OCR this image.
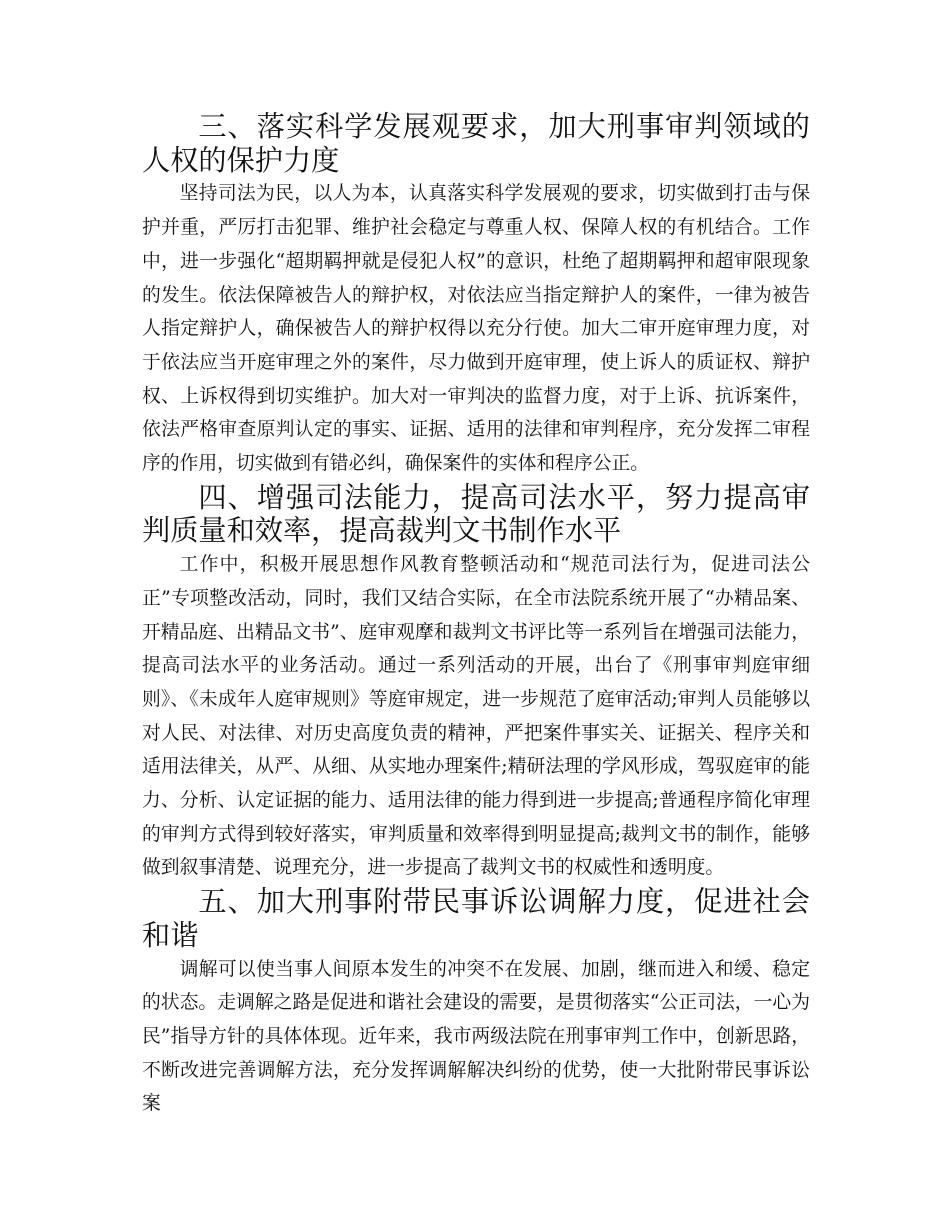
三、落实科学发展观要求，加大刑事审判领域的人权的保护力度

坚持司法为民，以人为本，认真落实科学发展观的要求，切实做到打击与保护并重，严厉打击犯罪、维护社会稳定与尊重人权、保障人权的有机结合。工作中，进一步强化“超期羁押就是侵犯人权”的意识，杜绝了超期羁押和超审限现象的发生。依法保障被告人的辩护权，对依法应当指定辩护人的案件，一律为被告人指定辩护人，确保被告人的辩护权得以充分行使。加大二审开庭审理力度，对于依法应当开庭审理之外的案件，尽力做到开庭审理，使上诉人的质证权、辩护权、上诉权得到切实维护。加大对一审判决的监督力度，对于上诉、抗诉案件，依法严格审查原判认定的事实、证据、适用的法律和审判程序，充分发挥二审程序的作用，切实做到有错必纠，确保案件的实体和程序公正。

四、增强司法能力，提高司法水平，努力提高审判质量和效率，提高裁判文书制作水平

工作中，积极开展思想作风教育整顿活动和“规范司法行为，促进司法公正”专项整改活动，同时，我们又结合实际，在全市法院系统开展了“办精品案、开精品庭、出精品文书”、庭审观摩和裁判文书评比等一系列旨在增强司法能力，提高司法水平的业务活动。通过一系列活动的开展，出台了《刑事审判庭审细则》、《未成年人庭审规则》等庭审规定，进一步规范了庭审活动;审判人员能够以对人民、对法律、对历史高度负责的精神，严把案件事实关、证据关、程序关和适用法律关，从严、从细、从实地办理案件;精研法理的学风形成，驾驭庭审的能力、分析、认定证据的能力、适用法律的能力得到进一步提高;普通程序简化审理的审判方式得到较好落实，审判质量和效率得到明显提高;裁判文书的制作，能够做到叙事清楚、说理充分，进一步提高了裁判文书的权威性和透明度。

五、加大刑事附带民事诉讼调解力度，促进社会和谐

调解可以使当事人间原本发生的冲突不在发展、加剧，继而进入和缓、稳定的状态。走调解之路是促进和谐社会建设的需要，是贯彻落实“公正司法，一心为民”指导方针的具体体现。近年来，我市两级法院在刑事审判工作中，创新思路，不断改进完善调解方法，充分发挥调解解决纠纷的优势，使一大批附带民事诉讼案
